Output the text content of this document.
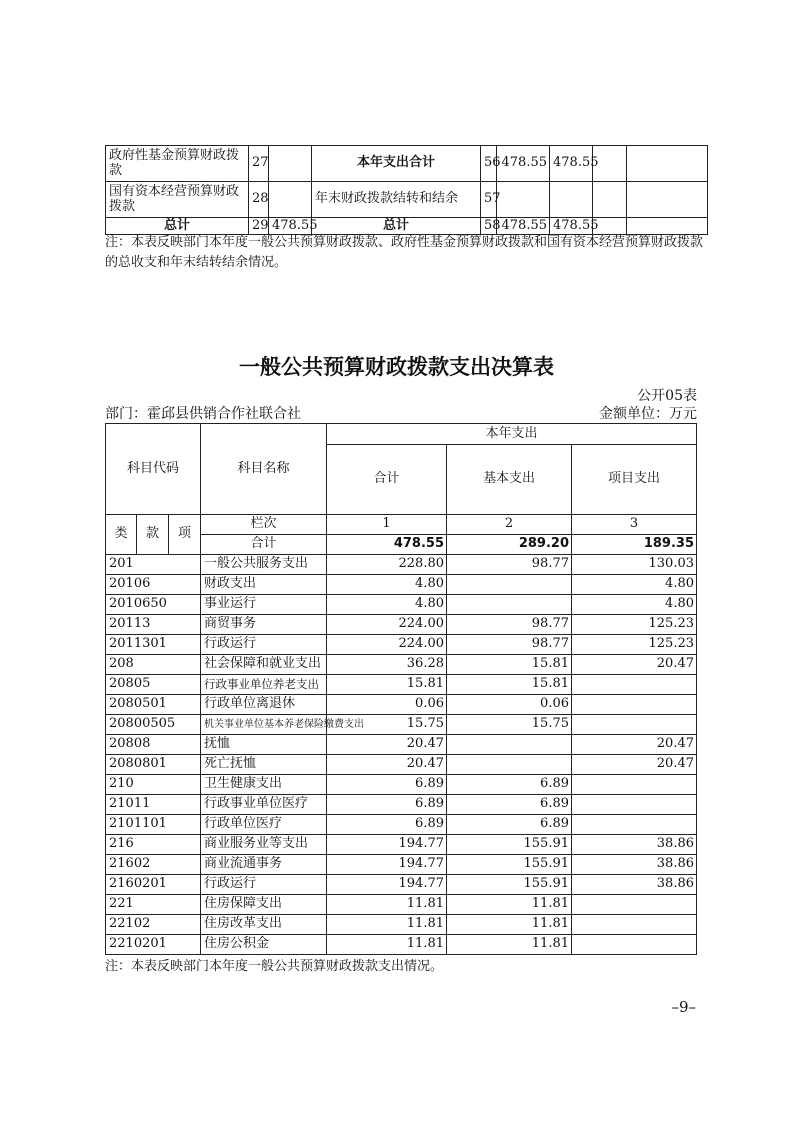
政府性基金预算财政拨款	27		本年支出合计	56	478.55	478.55		
国有资本经营预算财政拨款	28		年末财政拨款结转和结余	57				
总计	29	478.55	总计	58	478.55	478.55		
注：本表反映部门本年度一般公共预算财政拨款、政府性基金预算财政拨款和国有资本经营预算财政拨款的总收支和年末结转结余情况。
一般公共预算财政拨款支出决算表
公开05表
部门：霍邱县供销合作社联合社	金额单位：万元
科目代码			科目名称	本年支出		
				合计	基本支出	项目支出
类	款	项	栏次	1	2	3
			合计	478.55	289.20	189.35
201			一般公共服务支出	228.80	98.77	130.03
20106			财政支出	4.80		4.80
2010650			事业运行	4.80		4.80
20113			商贸事务	224.00	98.77	125.23
2011301			行政运行	224.00	98.77	125.23
208			社会保障和就业支出	36.28	15.81	20.47
20805			行政事业单位养老支出	15.81	15.81	
2080501			行政单位离退休	0.06	0.06	
20800505			机关事业单位基本养老保险缴费支出	15.75	15.75	
20808			抚恤	20.47		20.47
2080801			死亡抚恤	20.47		20.47
210			卫生健康支出	6.89	6.89	
21011			行政事业单位医疗	6.89	6.89	
2101101			行政单位医疗	6.89	6.89	
216			商业服务业等支出	194.77	155.91	38.86
21602			商业流通事务	194.77	155.91	38.86
2160201			行政运行	194.77	155.91	38.86
221			住房保障支出	11.81	11.81	
22102			住房改革支出	11.81	11.81	
2210201			住房公积金	11.81	11.81	
注：本表反映部门本年度一般公共预算财政拨款支出情况。
–9–
